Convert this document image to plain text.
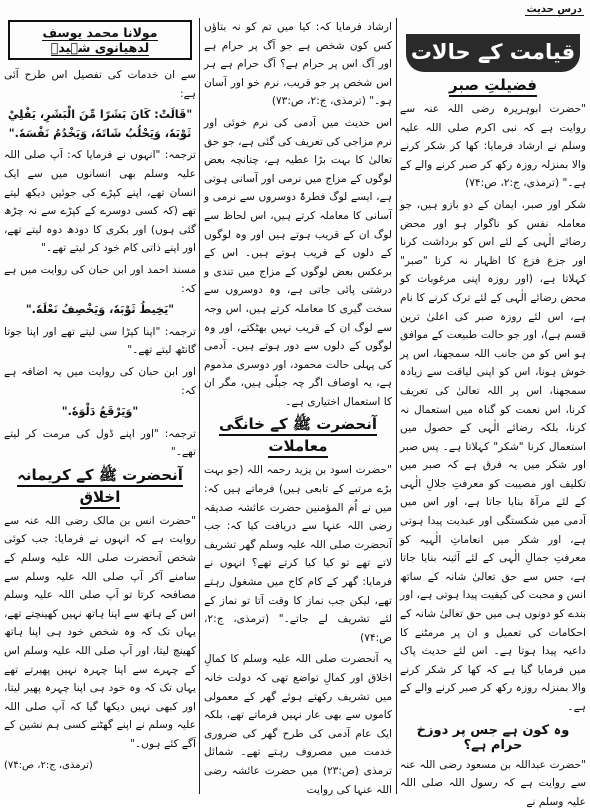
درسِ حدیث
قیامت کے حالات
فضیلتِ صبر

"حضرت ابوہریرہ رضی اللہ عنہ سے روایت ہے کہ نبی اکرم صلی اللہ علیہ وسلم نے ارشاد فرمایا: کھا کر شکر کرنے والا بمنزلہ روزہ رکھ کر صبر کرنے والے کے ہے۔" (ترمذی، ج:۲، ص:۷۴)

شکر اور صبر، ایمان کے دو بازو ہیں، جو معاملہ نفس کو ناگوار ہو اور محض رضائے الٰہی کے لئے اس کو برداشت کرنا اور جزع فزع کا اظہار نہ کرنا "صبر" کہلاتا ہے، (اور روزہ اپنی مرغوبات کو محض رضائے الٰہی کے لئے ترک کرنے کا نام ہے، اس لئے روزہ صبر کی اعلیٰ ترین قسم ہے)، اور جو حالت طبیعت کے موافق ہو اس کو من جانب اللہ سمجھنا، اس پر خوش ہونا، اس کو اپنی لیاقت سے زیادہ سمجھنا، اس پر اللہ تعالیٰ کی تعریف کرنا، اس نعمت کو گناہ میں استعمال نہ کرنا، بلکہ رضائے الٰہی کے حصول میں استعمال کرنا "شکر" کہلاتا ہے۔ پس صبر اور شکر میں یہ فرق ہے کہ صبر میں تکلیف اور مصیبت کو معرفتِ جلالِ الٰہی کے لئے مرآۃ بنایا جاتا ہے، اور اس میں آدمی میں شکستگی اور عبدیت پیدا ہوتی ہے، اور شکر میں انعاماتِ الٰہیہ کو معرفتِ جمالِ الٰہی کے لئے آئینہ بنایا جاتا ہے، جس سے حق تعالیٰ شانہ کے ساتھ انس و محبت کی کیفیت پیدا ہوتی ہے، اور بندے کو دونوں ہی میں حق تعالیٰ شانہ کے احکامات کی تعمیل و ان پر مرمٹنے کا داعیہ پیدا ہوتا ہے۔ اس لئے حدیث پاک میں فرمایا گیا ہے کہ کھا کر شکر کرنے والا بمنزلہ روزہ رکھ کر صبر کرنے والے کے ہے۔

وہ کون ہے جس پر دوزخ حرام ہے؟

"حضرت عبداللہ بن مسعود رضی اللہ عنہ سے روایت ہے کہ رسول اللہ صلی اللہ علیہ وسلم نے

ارشاد فرمایا کہ: کیا میں تم کو نہ بتاؤں کس کون شخص ہے جو آگ پر حرام ہے اور آگ اس پر حرام ہے؟ آگ حرام ہے ہر اس شخص پر جو قریب، نرم خو اور آسان ہو۔" (ترمذی، ج:۲، ص:۷۳)

اس حدیث میں آدمی کی نرم خوئی اور نرم مزاجی کی تعریف کی گئی ہے، جو حق تعالیٰ کا بہت بڑا عطیہ ہے، چنانچہ بعض لوگوں کے مزاج میں نرمی اور آسانی ہوتی ہے، ایسے لوگ فطرۃً دوسروں سے نرمی و آسانی کا معاملہ کرتے ہیں، اس لحاظ سے لوگ ان کے قریب ہوتے ہیں اور وہ لوگوں کے دلوں کے قریب ہوتے ہیں۔ اس کے برعکس بعض لوگوں کے مزاج میں تندی و درشتی پائی جاتی ہے، وہ دوسروں سے سخت گیری کا معاملہ کرتے ہیں، اس وجہ سے لوگ ان کے قریب نہیں بھٹکتے، اور وہ لوگوں کے دلوں سے دور ہوتے ہیں۔ آدمی کی پہلی حالت محمود، اور دوسری مذموم ہے، یہ اوصاف اگر چہ جبلّی ہیں، مگر ان کا استعمال اختیاری ہے۔

آنحضرت ﷺ کے خانگی معاملات

"حضرت اسود بن یزید رحمہ اللہ (جو بہت بڑے مرتبے کے تابعی ہیں) فرماتے ہیں کہ: میں نے اُم المؤمنین حضرت عائشہ صدیقہ رضی اللہ عنہا سے دریافت کیا کہ: جب آنحضرت صلی اللہ علیہ وسلم گھر تشریف لاتے تھے تو کیا کیا کرتے تھے؟ انہوں نے فرمایا: گھر کے کام کاج میں مشغول رہتے تھے، لیکن جب نماز کا وقت آتا تو نماز کے لئے تشریف لے جاتے۔" (ترمذی، ج:۲، ص:۷۴)

یہ آنحضرت صلی اللہ علیہ وسلم کا کمالِ اخلاق اور کمالِ تواضع تھی کہ دولت خانہ میں تشریف رکھتے ہوئے گھر کے معمولی کاموں سے بھی عار نہیں فرماتے تھے، بلکہ ایک عام آدمی کی طرح گھر کی ضروری خدمت میں مصروف رہتے تھے۔ شمائل ترمذی (ص:۲۳) میں حضرت عائشہ رضی اللہ عنہا کی روایت

مولانا محمد یوسف لدھیانوی شہیدؒ

سے ان خدمات کی تفصیل اس طرح آئی ہے:

"قَالَتْ: كَانَ بَشَرًا مِّنَ الْبَشَرِ، يَفْلِيْ ثَوْبَهٗ، وَيَحْلُبُ شَاتَهٗ، وَيَخْدُمُ نَفْسَهٗ."

ترجمہ: "انہوں نے فرمایا کہ: آپ صلی اللہ علیہ وسلم بھی انسانوں میں سے ایک انسان تھے، اپنے کپڑے کی جوئیں دیکھ لیتے تھے (کہ کسی دوسرے کے کپڑے سے نہ چڑھ گئی ہوں) اور بکری کا دودھ دوہ لیتے تھے، اور اپنے ذاتی کام خود کر لیتے تھے۔"

مسند احمد اور ابن حبان کی روایت میں ہے کہ:

"يَخِيطُ ثَوْبَهٗ، وَيَخْصِفُ نَعْلَهٗ."

ترجمہ: "اپنا کپڑا سی لیتے تھے اور اپنا جوتا گانٹھ لیتے تھے۔"

اور ابن حبان کی روایت میں یہ اضافہ ہے کہ:

"وَيَرْقَعُ دَلْوَهٗ."

ترجمہ: "اور اپنے ڈول کی مرمت کر لیتے تھے۔"

آنحضرت ﷺ کے کریمانہ اخلاق

"حضرت انس بن مالک رضی اللہ عنہ سے روایت ہے کہ انہوں نے فرمایا: جب کوئی شخص آنحضرت صلی اللہ علیہ وسلم کے سامنے آکر آپ صلی اللہ علیہ وسلم سے مصافحہ کرتا تو آپ صلی اللہ علیہ وسلم اس کے ہاتھ سے اپنا ہاتھ نہیں کھینچتے تھے، یہاں تک کہ وہ شخص خود ہی اپنا ہاتھ کھینچ لیتا، اور آپ صلی اللہ علیہ وسلم اس کے چہرے سے اپنا چہرہ نہیں پھیرتے تھے یہاں تک کہ وہ خود ہی اپنا چہرہ پھیر لیتا، اور کبھی نہیں دیکھا گیا کہ آپ صلی اللہ علیہ وسلم نے اپنے گھٹنے کسی ہم نشین کے آگے کئے ہوں۔"

(ترمذی، ج:۲، ص:۷۴)
